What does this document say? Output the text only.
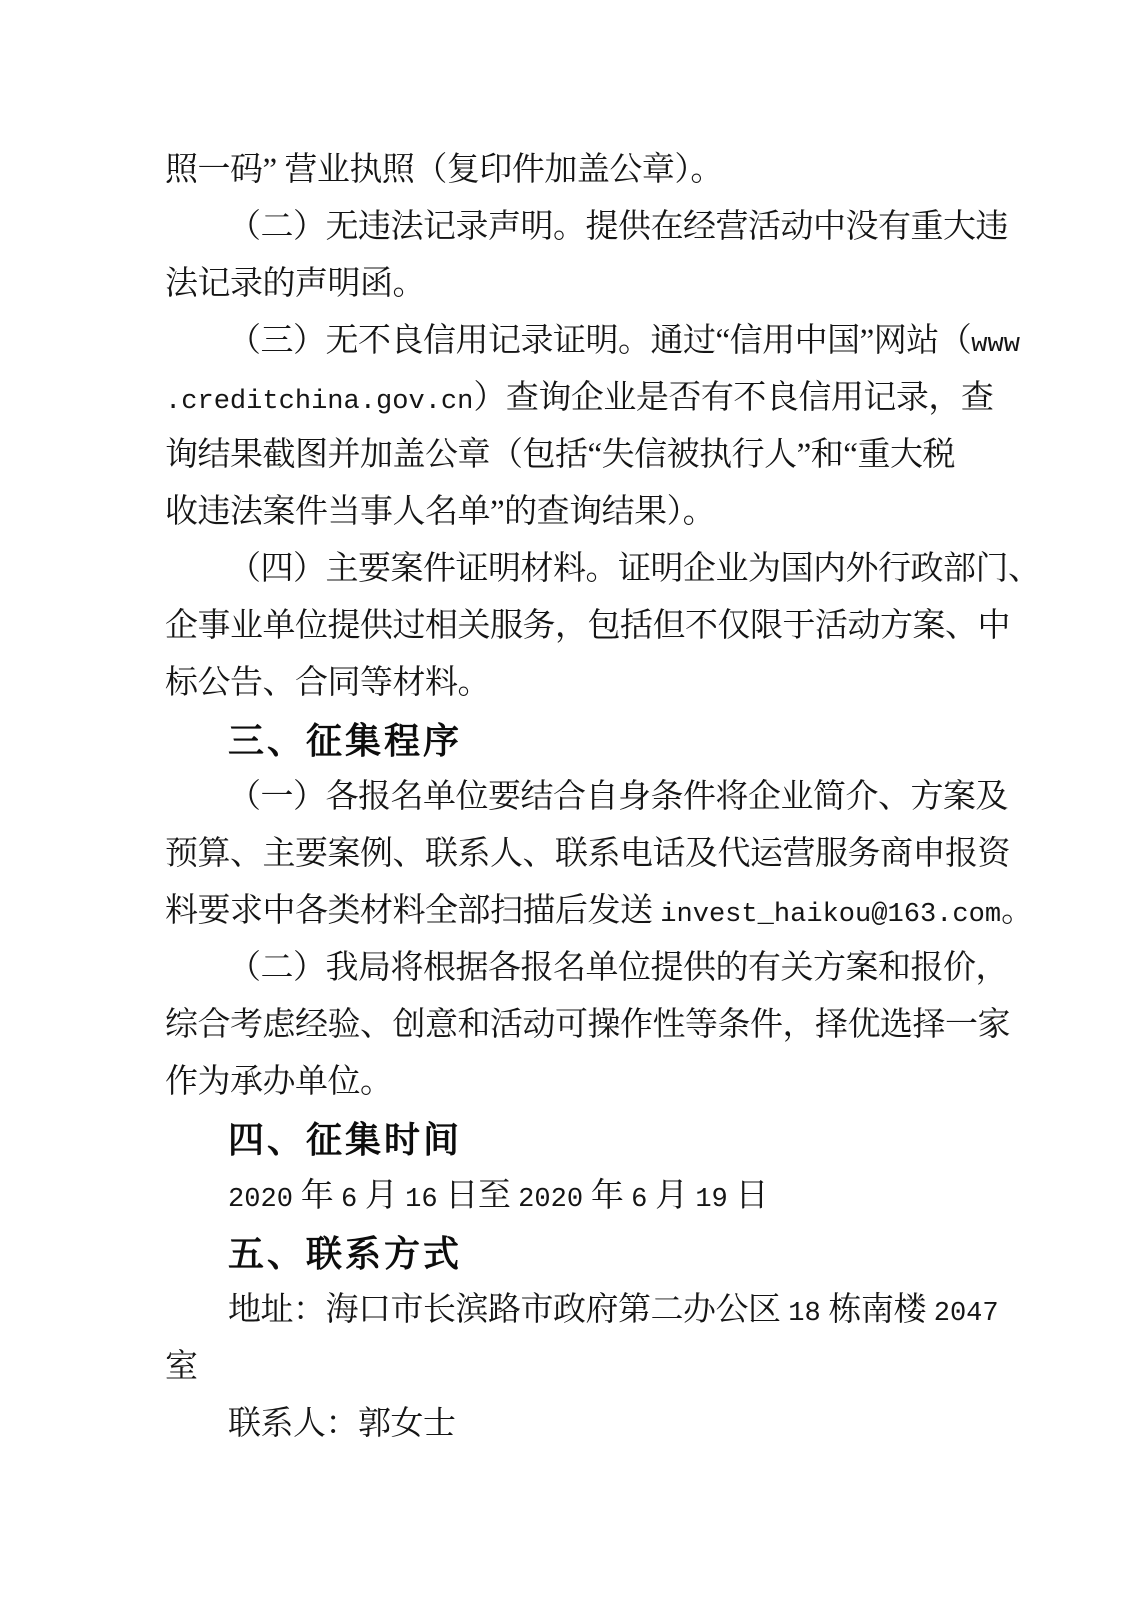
照一码” 营业执照（复印件加盖公章）。
（二）无违法记录声明。提供在经营活动中没有重大违
法记录的声明函。
（三）无不良信用记录证明。通过“信用中国”网站（www
.creditchina.gov.cn）查询企业是否有不良信用记录，查
询结果截图并加盖公章（包括“失信被执行人”和“重大税
收违法案件当事人名单”的查询结果）。
（四）主要案件证明材料。证明企业为国内外行政部门、
企事业单位提供过相关服务，包括但不仅限于活动方案、中
标公告、合同等材料。
三、征集程序
（一）各报名单位要结合自身条件将企业简介、方案及
预算、主要案例、联系人、联系电话及代运营服务商申报资
料要求中各类材料全部扫描后发送 invest_haikou@163.com。
（二）我局将根据各报名单位提供的有关方案和报价，
综合考虑经验、创意和活动可操作性等条件，择优选择一家
作为承办单位。
四、征集时间
2020 年 6 月 16 日至 2020 年 6 月 19 日
五、联系方式
地址：海口市长滨路市政府第二办公区 18 栋南楼 2047
室
联系人：郭女士
